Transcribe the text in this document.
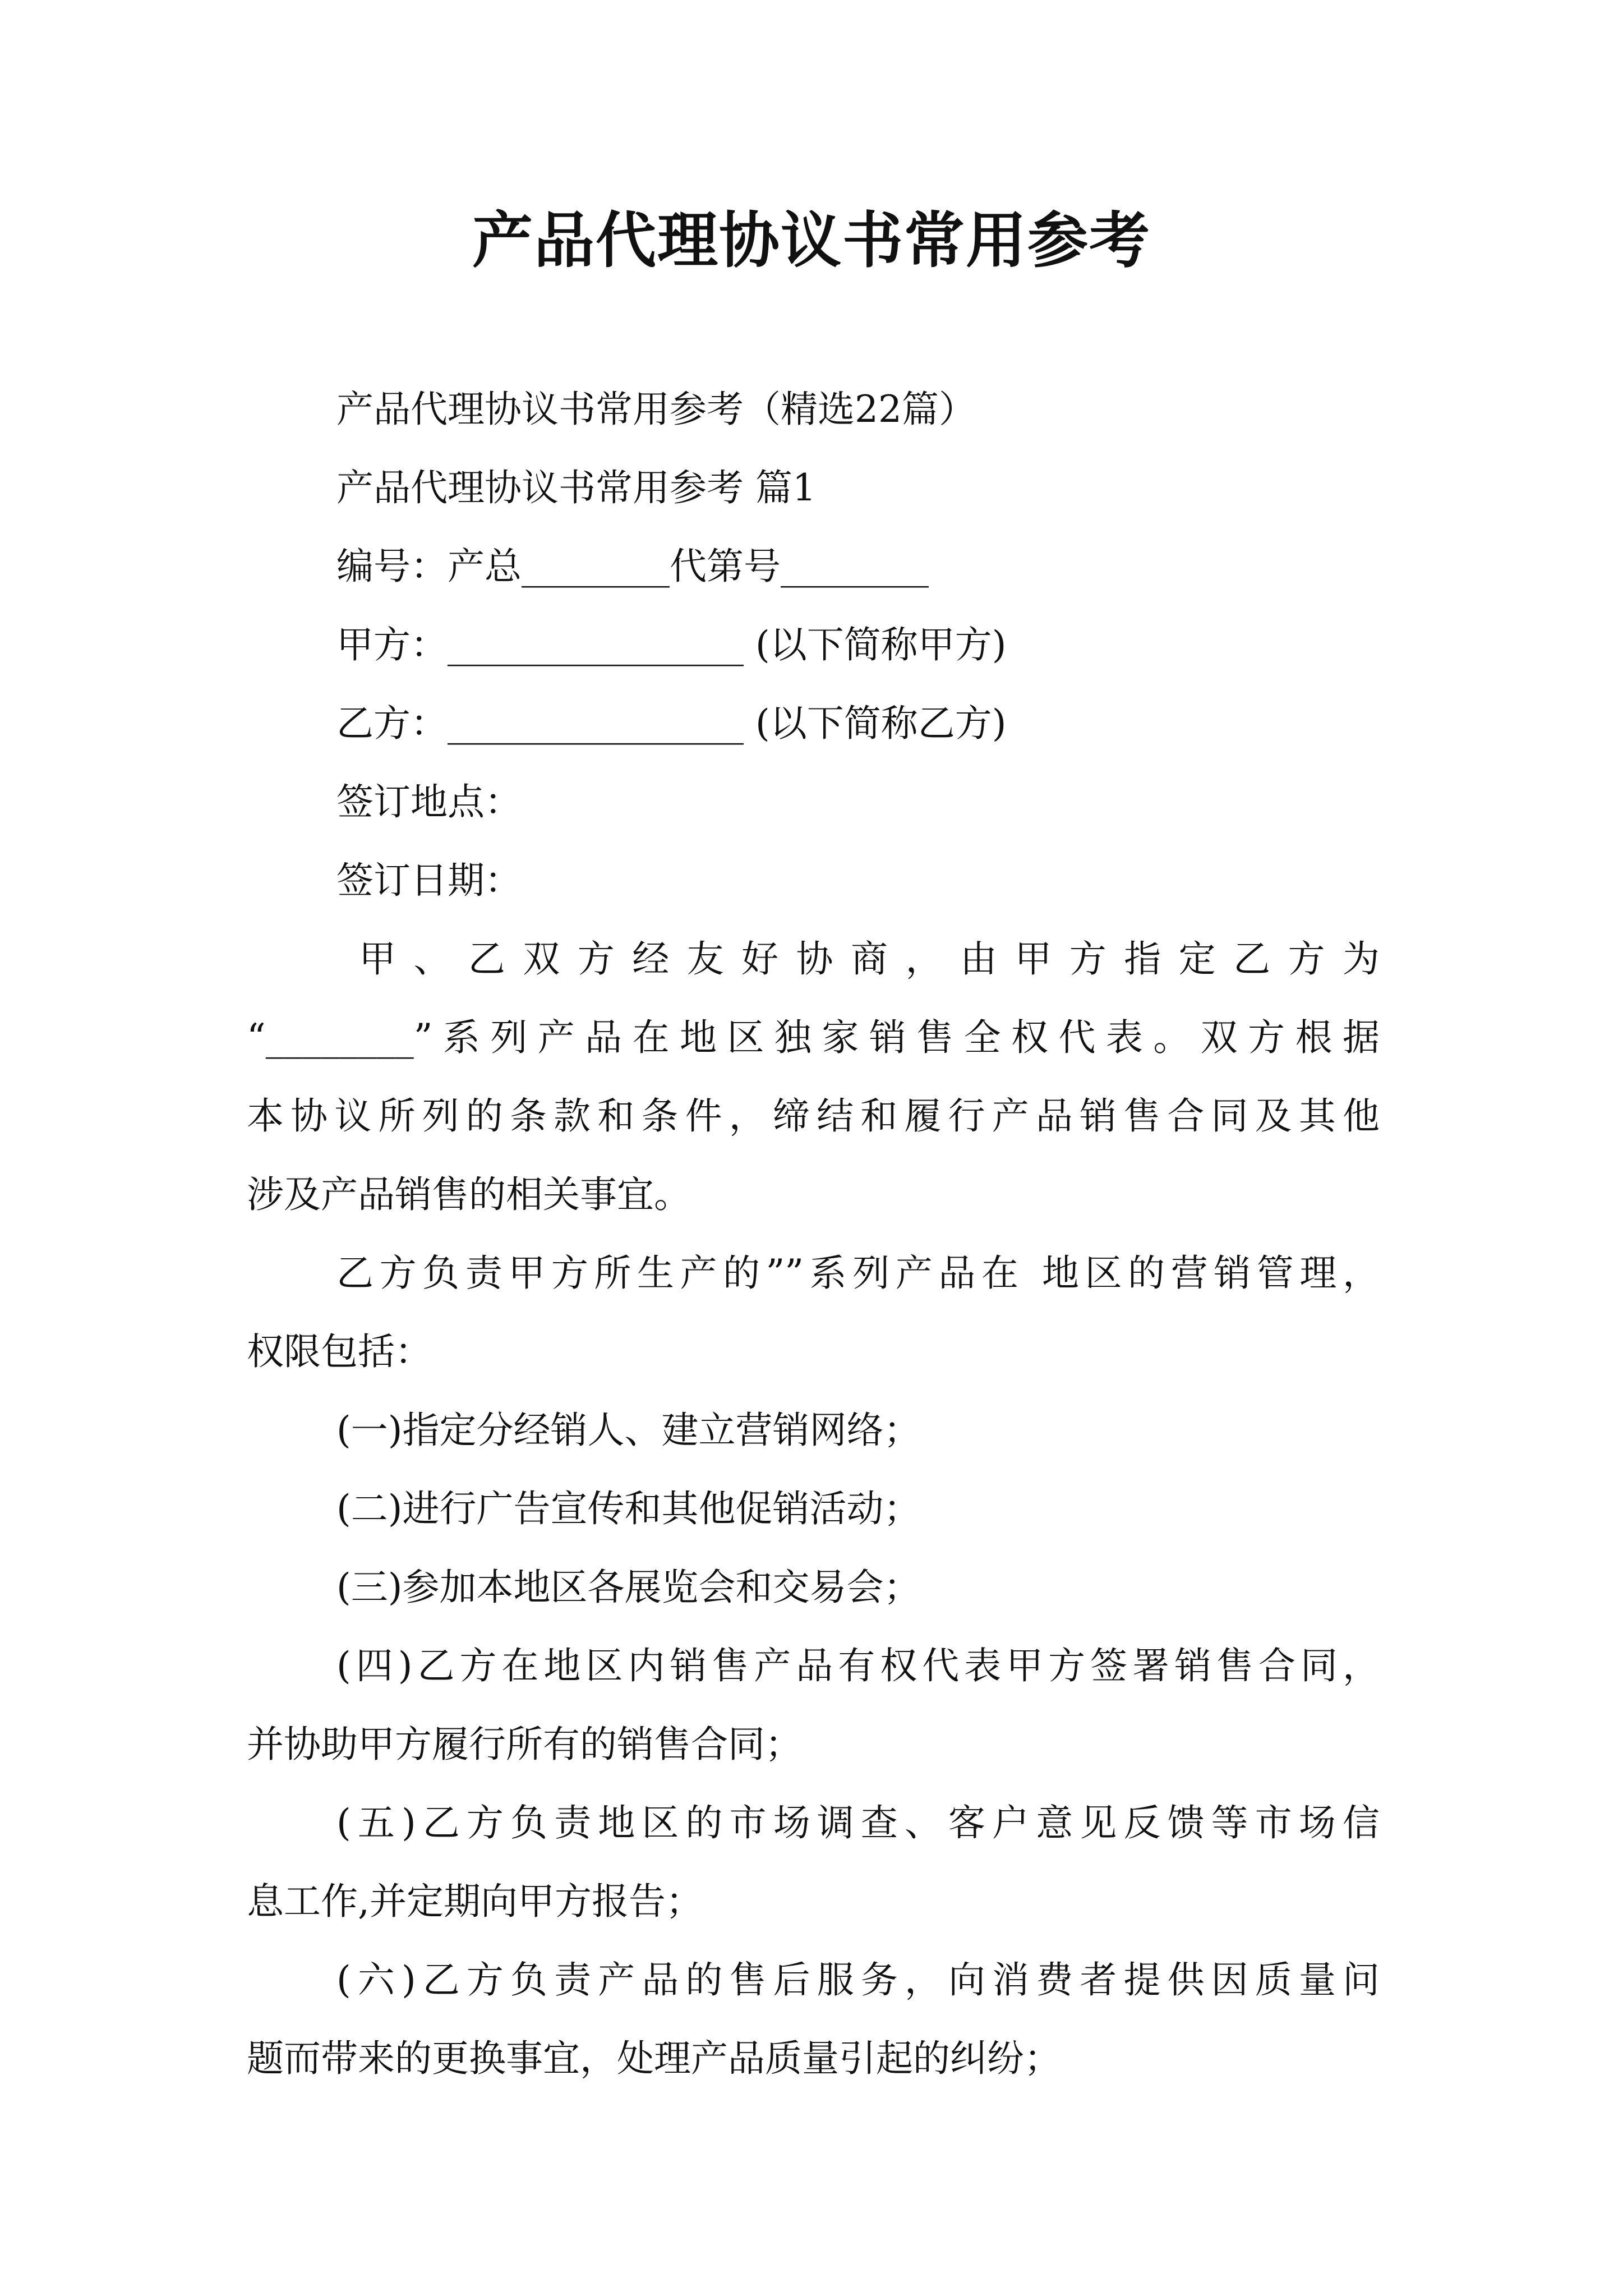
产品代理协议书常用参考
产品代理协议书常用参考（精选22篇）
产品代理协议书常用参考 篇1
编号：产总________代第号________
甲方：________________ (以下简称甲方)
乙方：________________ (以下简称乙方)
签订地点：
签订日期：
甲、乙双方经友好协商，由甲方指定乙方为
“________”系列产品在地区独家销售全权代表。双方根据
本协议所列的条款和条件，缔结和履行产品销售合同及其他
涉及产品销售的相关事宜。
乙方负责甲方所生产的””系列产品在 地区的营销管理，
权限包括：
(一)指定分经销人、建立营销网络；
(二)进行广告宣传和其他促销活动；
(三)参加本地区各展览会和交易会；
(四)乙方在地区内销售产品有权代表甲方签署销售合同，
并协助甲方履行所有的销售合同；
(五)乙方负责地区的市场调查、客户意见反馈等市场信
息工作,并定期向甲方报告；
(六)乙方负责产品的售后服务，向消费者提供因质量问
题而带来的更换事宜，处理产品质量引起的纠纷；
